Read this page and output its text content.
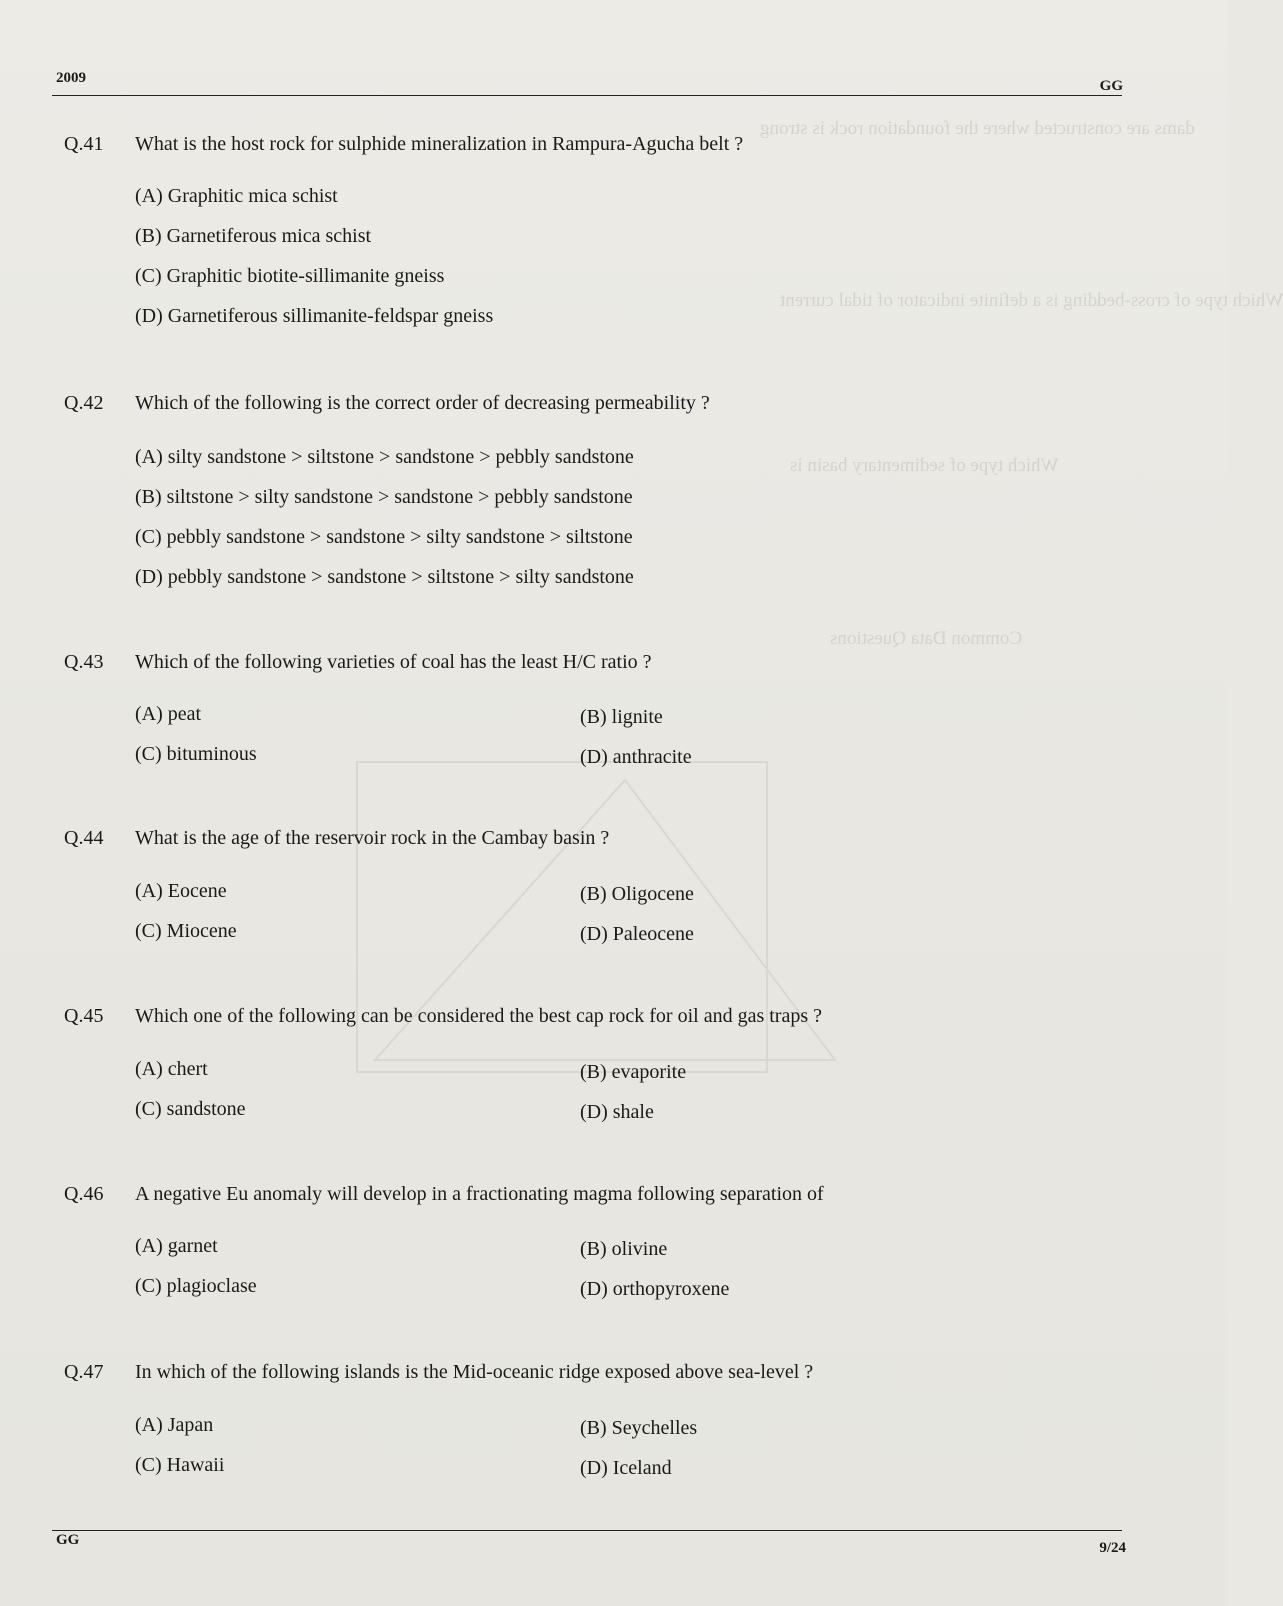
dams are constructed where the foundation rock is strong
Which type of cross-bedding is a definite indicator of tidal current
Which type of sedimentary basin is
Common Data Questions
2009	GG
Q.41 What is the host rock for sulphide mineralization in Rampura-Agucha belt ?
(A) Graphitic mica schist
(B) Garnetiferous mica schist
(C) Graphitic biotite-sillimanite gneiss
(D) Garnetiferous sillimanite-feldspar gneiss
Q.42 Which of the following is the correct order of decreasing permeability ?
(A) silty sandstone > siltstone > sandstone > pebbly sandstone
(B) siltstone > silty sandstone > sandstone > pebbly sandstone
(C) pebbly sandstone > sandstone > silty sandstone > siltstone
(D) pebbly sandstone > sandstone > siltstone > silty sandstone
Q.43 Which of the following varieties of coal has the least H/C ratio ?
(A) peat	(B) lignite
(C) bituminous	(D) anthracite
Q.44 What is the age of the reservoir rock in the Cambay basin ?
(A) Eocene	(B) Oligocene
(C) Miocene	(D) Paleocene
Q.45 Which one of the following can be considered the best cap rock for oil and gas traps ?
(A) chert	(B) evaporite
(C) sandstone	(D) shale
Q.46 A negative Eu anomaly will develop in a fractionating magma following separation of
(A) garnet	(B) olivine
(C) plagioclase	(D) orthopyroxene
Q.47 In which of the following islands is the Mid-oceanic ridge exposed above sea-level ?
(A) Japan	(B) Seychelles
(C) Hawaii	(D) Iceland
GG	9/24
